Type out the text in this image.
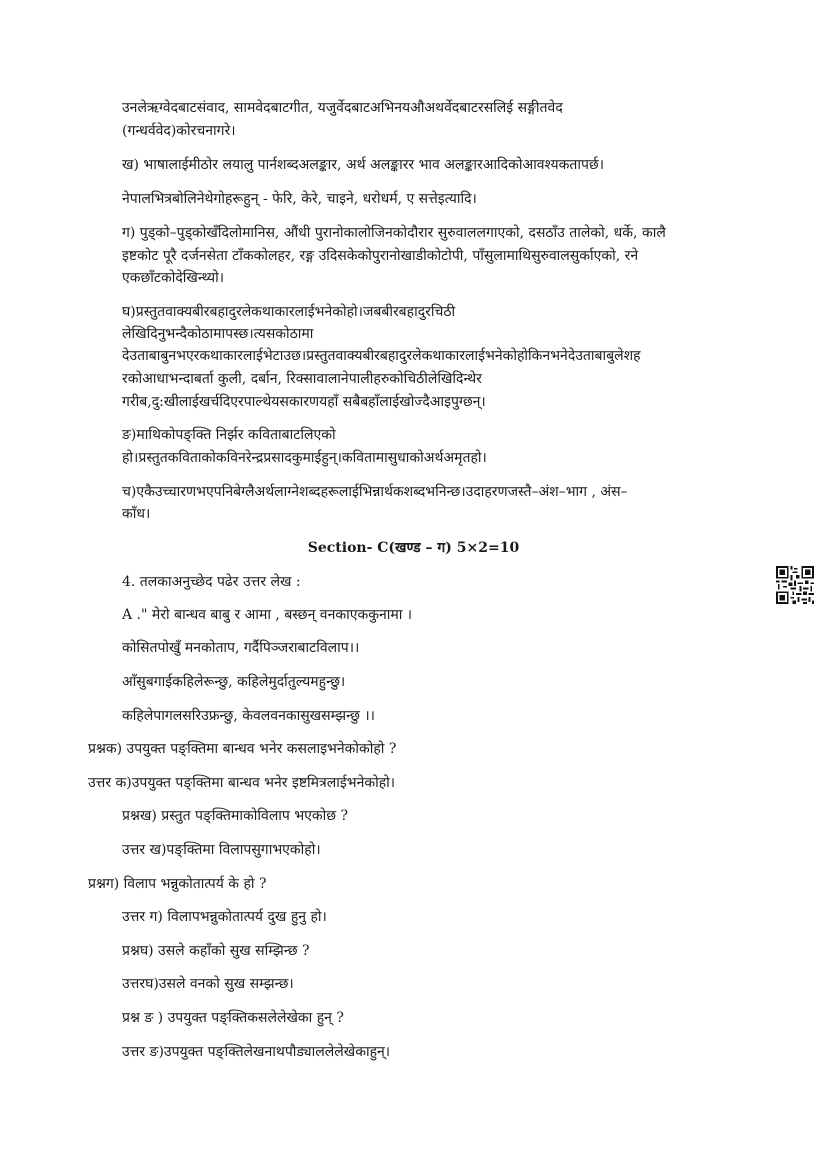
उनलेऋग्वेदबाटसंवाद, सामवेदबाटगीत, यजुर्वेदबाटअभिनयऔअथर्वेदबाटरसलिई सङ्गीतवेद
(गन्धर्ववेद)कोरचनागरे।
ख) भाषालाईमीठोर लयालु पार्नशब्दअलङ्कार, अर्थ अलङ्कारर भाव अलङ्कारआदिकोआवश्यकतापर्छ।
नेपालभित्रबोलिनेथेगोहरूहुन् - फेरि, केरे, चाइने, धरोधर्म, ए सत्तेइत्यादि।
ग) पुड्को–पुड्कोखँदिलोमानिस, औंधी पुरानोकालोजिनकोदौरार सुरुवाललगाएको, दसठाँउ तालेको, धर्के, कालै
इष्टकोट पूरै दर्जनसेता टाँककोलहर, रङ्ग उदिसकेकोपुरानोखाडीकोटोपी, पाँसुलामाथिसुरुवालसुर्काएको, रने
एकछाँटकोदेखिन्थ्यो।
घ)प्रस्तुतवाक्यबीरबहादुरलेकथाकारलाईभनेकोहो।जबबीरबहादुरचिठी
लेखिदिनुभन्दैकोठामापस्छ।त्यसकोठामा
देउताबाबुनभएरकथाकारलाईभेटाउछ।प्रस्तुतवाक्यबीरबहादुरलेकथाकारलाईभनेकोहोकिनभनेदेउताबाबुलेशह
रकोआधाभन्दाबर्ता कुली, दर्बान, रिक्सावालानेपालीहरुकोचिठीलेखिदिन्थेर
गरीब,दु:खीलाईखर्चदिएरपाल्थेयसकारणयहाँ सबैबहाँलाईखोज्दैआइपुग्छन्।
ङ)माथिकोपङ्क्ति निर्झर कविताबाटलिएको
हो।प्रस्तुतकविताकोकविनरेन्द्रप्रसादकुमाईहुन्।कवितामासुधाकोअर्थअमृतहो।
च)एकैउच्चारणभएपनिबेग्लैअर्थलाग्नेशब्दहरूलाईभिन्नार्थकशब्दभनिन्छ।उदाहरणजस्तै–अंश–भाग , अंस–
काँध।
Section- C(खण्ड – ग) 5×2=10
4. तलकाअनुच्छेद पढेर उत्तर लेख :
A ." मेरो बान्धव बाबु र आमा , बस्छन् वनकाएककुनामा ।
कोसितपोखुँ मनकोताप, गर्दैपिञ्जराबाटविलाप।।
आँसुबगाईकहिलेरून्छु, कहिलेमुर्दातुल्यमहुन्छु।
कहिलेपागलसरिउफ्रन्छु, केवलवनकासुखसम्झन्छु ।।
प्रश्नक) उपयुक्त पङ्क्तिमा बान्धव भनेर कसलाइभनेकोकोहो ?
उत्तर क)उपयुक्त पङ्क्तिमा बान्धव भनेर इष्टमित्रलाईभनेकोहो।
प्रश्नख) प्रस्तुत पङ्क्तिमाकोविलाप भएकोछ ?
उत्तर ख)पङ्क्तिमा विलापसुगाभएकोहो।
प्रश्नग) विलाप भन्नुकोतात्पर्य के हो ?
उत्तर ग) विलापभन्नुकोतात्पर्य दुख हुनु हो।
प्रश्नघ) उसले कहाँको सुख सम्झिन्छ ?
उत्तरघ)उसले वनको सुख सम्झन्छ।
प्रश्न ङ ) उपयुक्त पङ्क्तिकसलेलेखेका हुन् ?
उत्तर ङ)उपयुक्त पङ्क्तिलेखनाथपौड्याललेलेखेकाहुन्।
